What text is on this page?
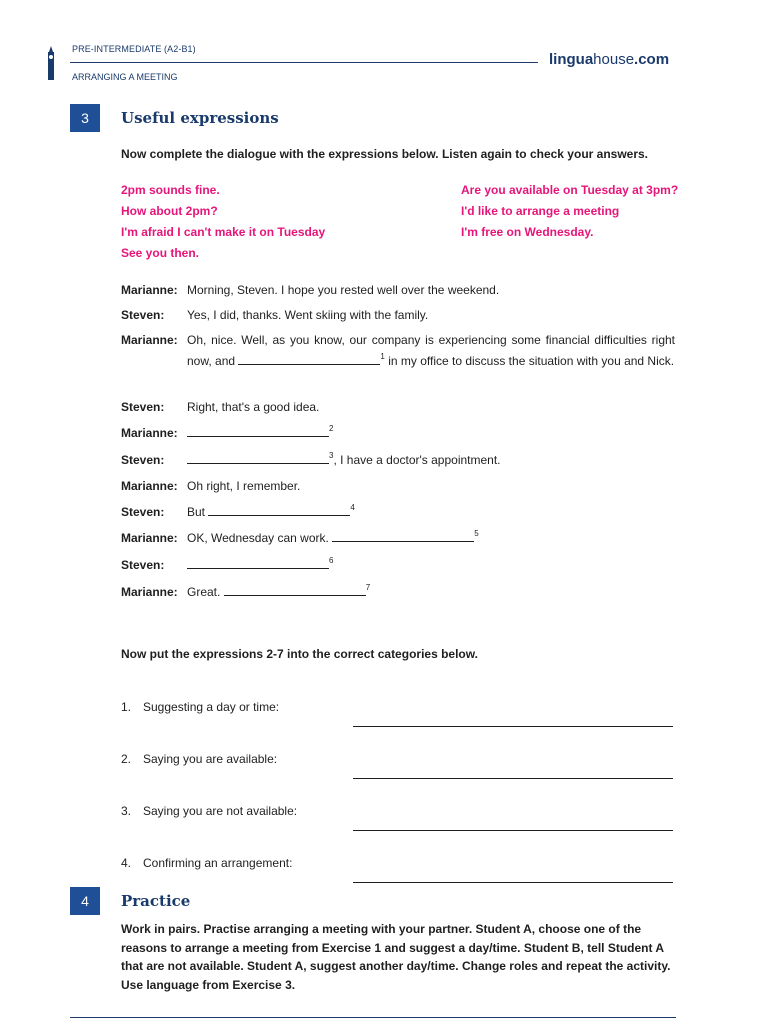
PRE-INTERMEDIATE (A2-B1)
ARRANGING A MEETING
linguahouse.com
3	Useful expressions
Now complete the dialogue with the expressions below. Listen again to check your answers.
2pm sounds fine.
How about 2pm?
I'm afraid I can't make it on Tuesday
See you then.
Are you available on Tuesday at 3pm?
I'd like to arrange a meeting
I'm free on Wednesday.
Marianne: Morning, Steven. I hope you rested well over the weekend.
Steven: Yes, I did, thanks. Went skiing with the family.
Marianne: Oh, nice. Well, as you know, our company is experiencing some financial difficulties right now, and	$^1$ in my office to discuss the situation with you and Nick.
Steven: Right, that's a good idea.
Marianne:	$^2$
Steven:	$^3$, I have a doctor's appointment.
Marianne: Oh right, I remember.
Steven: But	$^4$
Marianne: OK, Wednesday can work.	$^5$
Steven:	$^6$
Marianne: Great.	$^7$
Now put the expressions 2-7 into the correct categories below.
1. Suggesting a day or time:
2. Saying you are available:
3. Saying you are not available:
4. Confirming an arrangement:
4	Practice
Work in pairs. Practise arranging a meeting with your partner. Student A, choose one of the reasons to arrange a meeting from Exercise 1 and suggest a day/time. Student B, tell Student A that are not available. Student A, suggest another day/time. Change roles and repeat the activity. Use language from Exercise 3.
